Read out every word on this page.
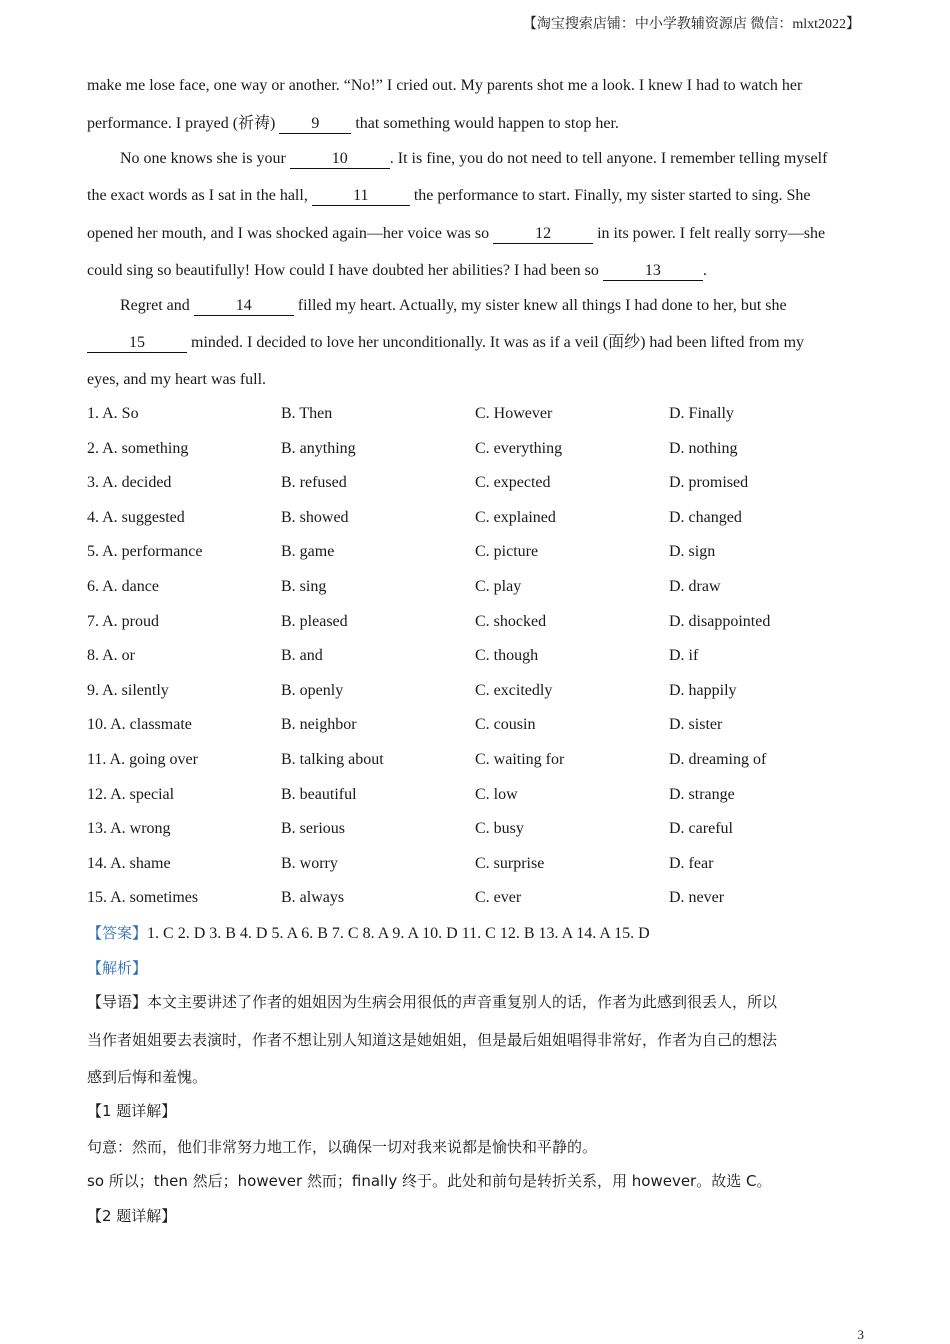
【淘宝搜索店铺：中小学教辅资源店 微信：mlxt2022】
make me lose face, one way or another. “No!” I cried out. My parents shot me a look. I knew I had to watch her
performance. I prayed (祈祷) 9 that something would happen to stop her.
No one knows she is your	10	. It is fine, you do not need to tell anyone. I remember telling myself
the exact words as I sat in the hall,	11	the performance to start. Finally, my sister started to sing. She
opened her mouth, and I was shocked again—her voice was so	12	in its power. I felt really sorry—she
could sing so beautifully! How could I have doubted her abilities? I had been so	13	.
Regret and	14	filled my heart. Actually, my sister knew all things I had done to her, but she
15	minded. I decided to love her unconditionally. It was as if a veil (面纱) had been lifted from my
eyes, and my heart was full.
1. A. So	B. Then	C. However	D. Finally
2. A. something	B. anything	C. everything	D. nothing
3. A. decided	B. refused	C. expected	D. promised
4. A. suggested	B. showed	C. explained	D. changed
5. A. performance	B. game	C. picture	D. sign
6. A. dance	B. sing	C. play	D. draw
7. A. proud	B. pleased	C. shocked	D. disappointed
8. A. or	B. and	C. though	D. if
9. A. silently	B. openly	C. excitedly	D. happily
10. A. classmate	B. neighbor	C. cousin	D. sister
11. A. going over	B. talking about	C. waiting for	D. dreaming of
12. A. special	B. beautiful	C. low	D. strange
13. A. wrong	B. serious	C. busy	D. careful
14. A. shame	B. worry	C. surprise	D. fear
15. A. sometimes	B. always	C. ever	D. never
【答案】1. C 2. D 3. B 4. D 5. A 6. B 7. C 8. A 9. A 10. D 11. C 12. B 13. A 14. A 15. D
【解析】
【导语】本文主要讲述了作者的姐姐因为生病会用很低的声音重复别人的话，作者为此感到很丢人，所以
当作者姐姐要去表演时，作者不想让别人知道这是她姐姐，但是最后姐姐唱得非常好，作者为自己的想法
感到后悔和羞愧。
【1 题详解】
句意：然而，他们非常努力地工作，以确保一切对我来说都是愉快和平静的。
so 所以；then 然后；however 然而；finally 终于。此处和前句是转折关系，用 however。故选 C。
【2 题详解】
3
